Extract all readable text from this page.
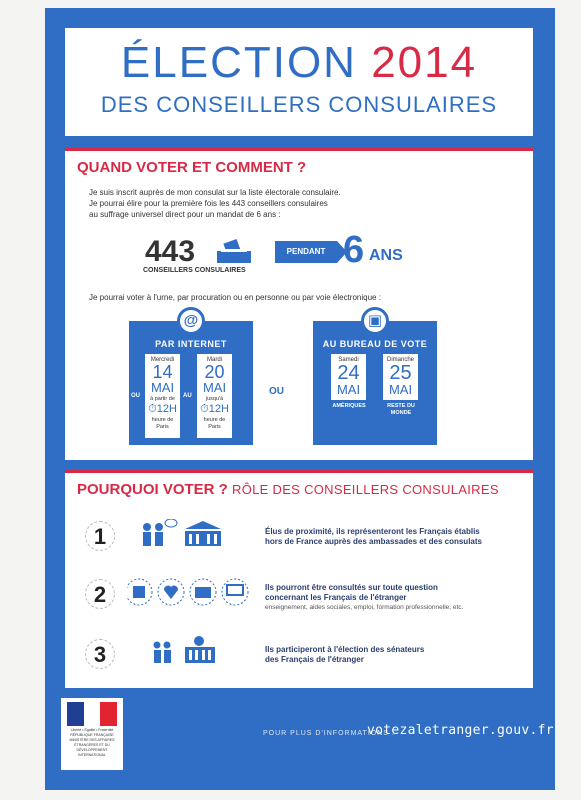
ÉLECTION 2014
DES CONSEILLERS CONSULAIRES
QUAND VOTER ET COMMENT ?
Je suis inscrit auprès de mon consulat sur la liste électorale consulaire.
Je pourrai élire pour la première fois les 443 conseillers consulaires
au suffrage universel direct pour un mandat de 6 ans :
443
CONSEILLERS CONSULAIRES
PENDANT 6 ANS
Je pourrai voter à l'urne, par procuration ou en personne ou par voie électronique :
@
PAR INTERNET
OU
Mercredi
14
MAI
à partir de
⏱12H
heure de Paris
AU
Mardi
20
MAI
jusqu'à
⏱12H
heure de Paris
OU
▣
AU BUREAU DE VOTE
Samedi
24
MAI
AMÉRIQUES
Dimanche
25
MAI
RESTE DU MONDE
POURQUOI VOTER ? RÔLE DES CONSEILLERS CONSULAIRES
1	Élus de proximité, ils représenteront les Français établis
hors de France auprès des ambassades et des consulats
2	Ils pourront être consultés sur toute question
concernant les Français de l'étranger
enseignement, aides sociales, emploi, formation professionnelle, etc.
3	Ils participeront à l'élection des sénateurs
des Français de l'étranger
Liberté • Égalité • Fraternité RÉPUBLIQUE FRANÇAISE MINISTÈRE DES AFFAIRES ÉTRANGÈRES ET DU DÉVELOPPEMENT INTERNATIONAL
POUR PLUS D'INFORMATIONS :
votezaletranger.gouv.fr
